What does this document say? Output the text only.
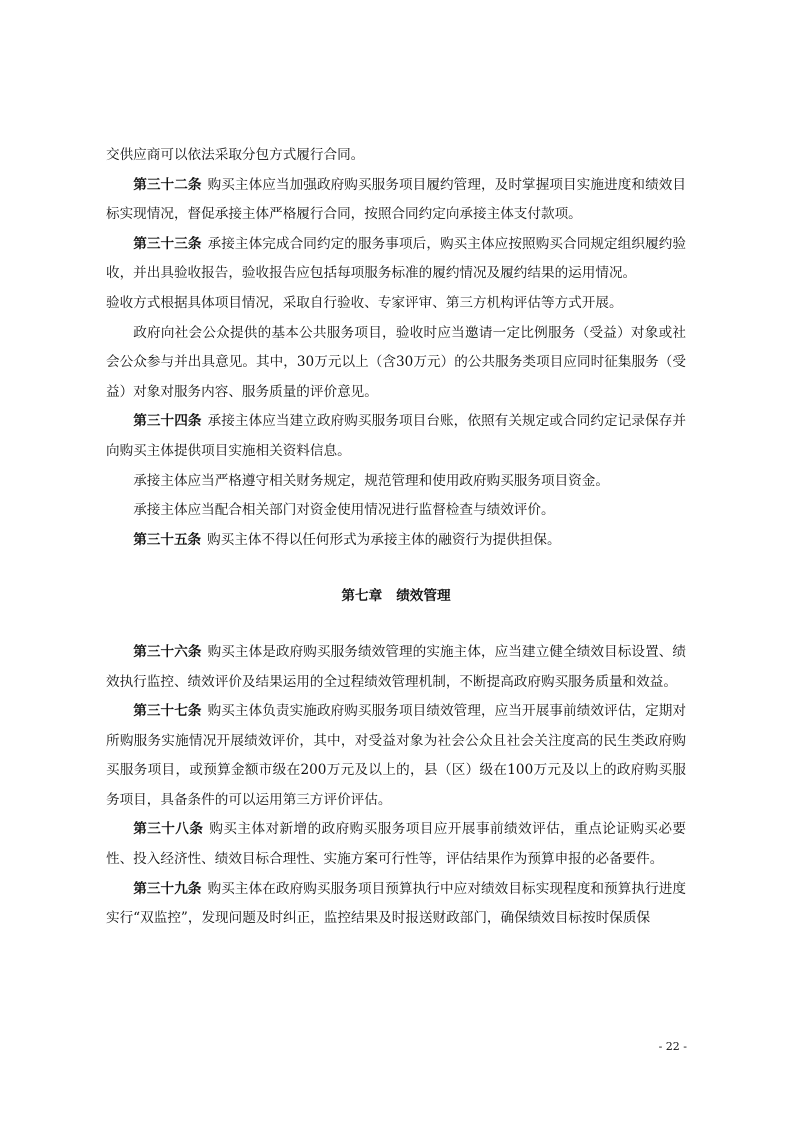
交供应商可以依法采取分包方式履行合同。

第三十二条 购买主体应当加强政府购买服务项目履约管理，及时掌握项目实施进度和绩效目标实现情况，督促承接主体严格履行合同，按照合同约定向承接主体支付款项。

第三十三条 承接主体完成合同约定的服务事项后，购买主体应按照购买合同规定组织履约验收，并出具验收报告，验收报告应包括每项服务标准的履约情况及履约结果的运用情况。

验收方式根据具体项目情况，采取自行验收、专家评审、第三方机构评估等方式开展。

政府向社会公众提供的基本公共服务项目，验收时应当邀请一定比例服务（受益）对象或社会公众参与并出具意见。其中，30万元以上（含30万元）的公共服务类项目应同时征集服务（受益）对象对服务内容、服务质量的评价意见。

第三十四条 承接主体应当建立政府购买服务项目台账，依照有关规定或合同约定记录保存并向购买主体提供项目实施相关资料信息。

承接主体应当严格遵守相关财务规定，规范管理和使用政府购买服务项目资金。

承接主体应当配合相关部门对资金使用情况进行监督检查与绩效评价。

第三十五条 购买主体不得以任何形式为承接主体的融资行为提供担保。

第七章 绩效管理

第三十六条 购买主体是政府购买服务绩效管理的实施主体，应当建立健全绩效目标设置、绩效执行监控、绩效评价及结果运用的全过程绩效管理机制，不断提高政府购买服务质量和效益。

第三十七条 购买主体负责实施政府购买服务项目绩效管理，应当开展事前绩效评估，定期对所购服务实施情况开展绩效评价，其中，对受益对象为社会公众且社会关注度高的民生类政府购买服务项目，或预算金额市级在200万元及以上的，县（区）级在100万元及以上的政府购买服务项目，具备条件的可以运用第三方评价评估。

第三十八条 购买主体对新增的政府购买服务项目应开展事前绩效评估，重点论证购买必要性、投入经济性、绩效目标合理性、实施方案可行性等，评估结果作为预算申报的必备要件。

第三十九条 购买主体在政府购买服务项目预算执行中应对绩效目标实现程度和预算执行进度实行“双监控”，发现问题及时纠正，监控结果及时报送财政部门，确保绩效目标按时保质保

- 22 -
